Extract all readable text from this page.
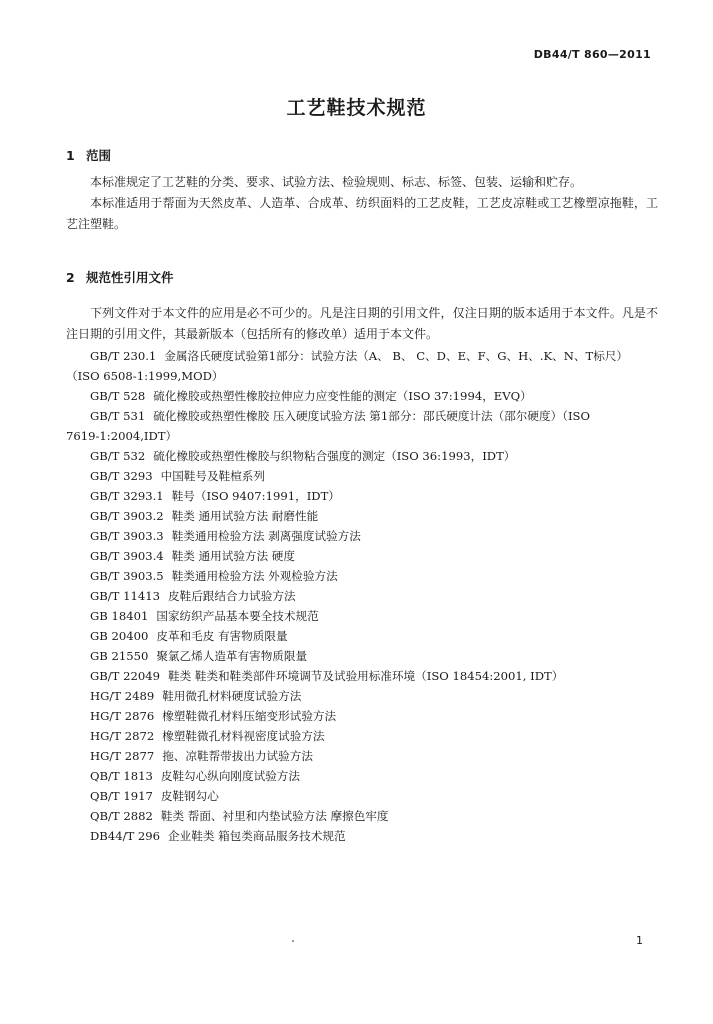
DB44/T 860—2011
工艺鞋技术规范
1 范围

本标准规定了工艺鞋的分类、要求、试验方法、检验规则、标志、标签、包装、运输和贮存。

本标准适用于帮面为天然皮革、人造革、合成革、纺织面料的工艺皮鞋，工艺皮凉鞋或工艺橡塑凉拖鞋，工艺注塑鞋。

2 规范性引用文件

下列文件对于本文件的应用是必不可少的。凡是注日期的引用文件，仅注日期的版本适用于本文件。凡是不注日期的引用文件，其最新版本（包括所有的修改单）适用于本文件。

GB/T 230.1 金属洛氏硬度试验第1部分：试验方法（A、 B、 C、D、E、F、G、H、.K、N、T标尺）
（ISO 6508-1:1999,MOD）
GB/T 528 硫化橡胶或热塑性橡胶拉伸应力应变性能的测定（ISO 37:1994，EVQ）
GB/T 531 硫化橡胶或热塑性橡胶 压入硬度试验方法 第1部分：邵氏硬度计法（邵尔硬度）（ISO
7619-1:2004,IDT）
GB/T 532 硫化橡胶或热塑性橡胶与织物粘合强度的测定（ISO 36:1993，IDT）
GB/T 3293 中国鞋号及鞋楦系列
GB/T 3293.1 鞋号（ISO 9407:1991，IDT）
GB/T 3903.2 鞋类 通用试验方法 耐磨性能
GB/T 3903.3 鞋类通用检验方法 剥离强度试验方法
GB/T 3903.4 鞋类 通用试验方法 硬度
GB/T 3903.5 鞋类通用检验方法 外观检验方法
GB/T 11413 皮鞋后跟结合力试验方法
GB 18401 国家纺织产品基本要全技术规范
GB 20400 皮革和毛皮 有害物质限量
GB 21550 聚氯乙烯人造革有害物质限量
GB/T 22049 鞋类 鞋类和鞋类部件环境调节及试验用标准环境（ISO 18454:2001, IDT）
HG/T 2489 鞋用微孔材料硬度试验方法
HG/T 2876 橡塑鞋微孔材料压缩变形试验方法
HG/T 2872 橡塑鞋微孔材料视密度试验方法
HG/T 2877 拖、凉鞋帮带拔出力试验方法
QB/T 1813 皮鞋勾心纵向刚度试验方法
QB/T 1917 皮鞋钢勾心
QB/T 2882 鞋类 帮面、衬里和内垫试验方法 摩擦色牢度
DB44/T 296 企业鞋类 箱包类商品服务技术规范
1
